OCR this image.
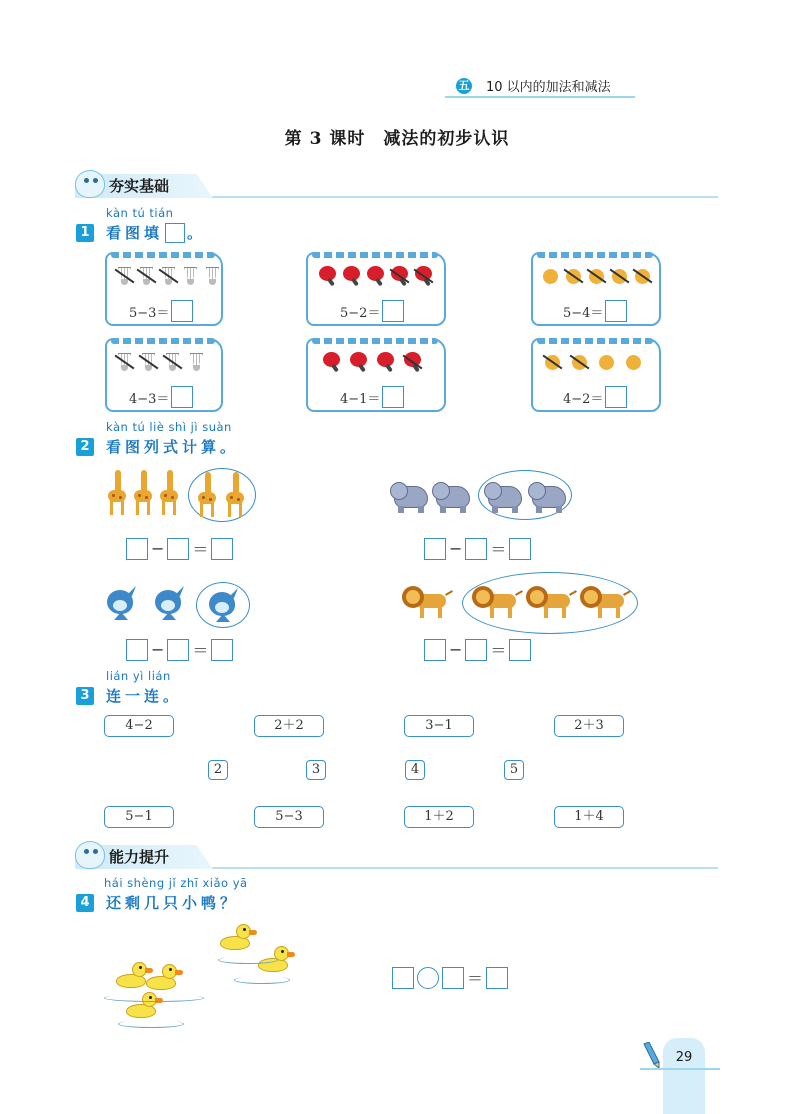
五 10 以内的加法和减法
第 3 课时　减法的初步认识
夯实基础
kàn tú tián
1 看图填 。
5−3＝	5−2＝	5−4＝
4−3＝	4−1＝	4−2＝
kàn tú liè shì jì suàn
2 看图列式计算 。
− ＝	− ＝
− ＝	− ＝
lián yì lián
3 连一连 。
4−2	2＋2	3−1	2＋3
2	3	4	5
5−1	5−3	1＋2	1＋4
能力提升
hái shèng jǐ zhī xiǎo yā
4 还剩几只小鸭 ？
＝
29
